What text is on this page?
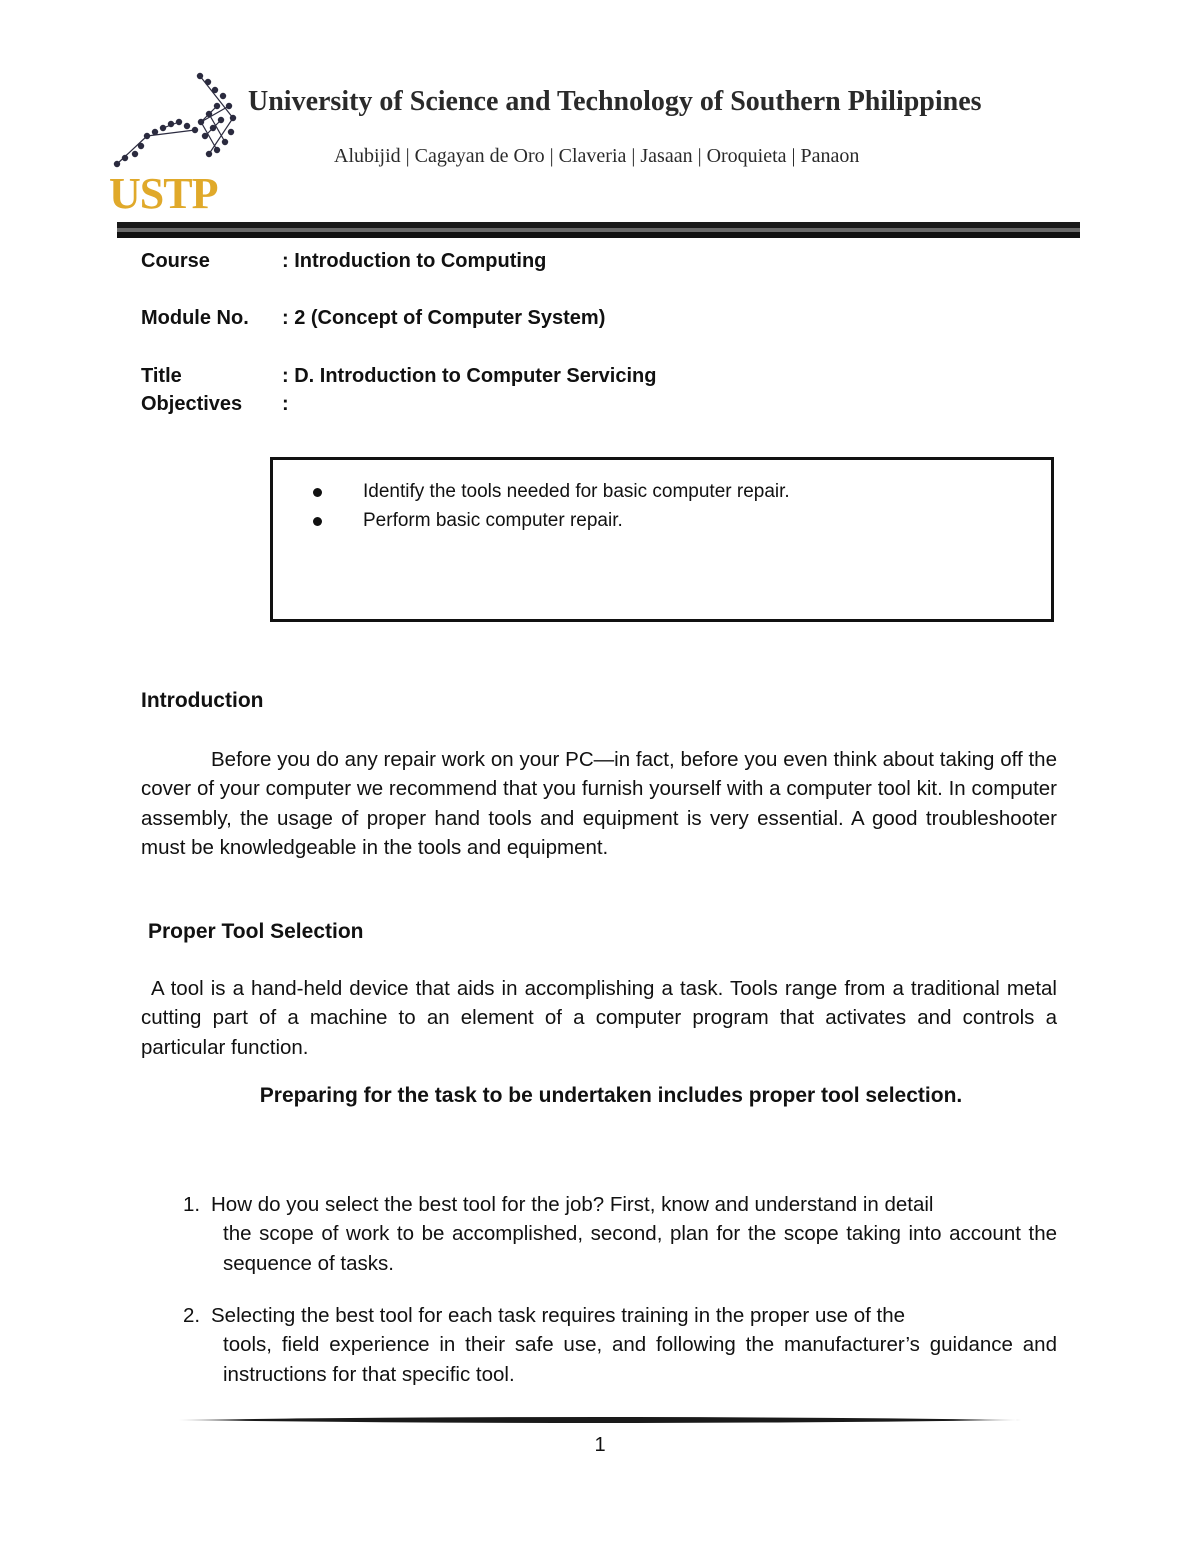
USTP
University of Science and Technology of Southern Philippines
Alubijid | Cagayan de Oro | Claveria | Jasaan | Oroquieta | Panaon
Course	: Introduction to Computing
Module No. : 2 (Concept of Computer System)
Title	: D. Introduction to Computer Servicing
Objectives :
Identify the tools needed for basic computer repair.
Perform basic computer repair.
Introduction
Before you do any repair work on your PC—in fact, before you even think about taking off the cover of your computer we recommend that you furnish yourself with a computer tool kit. In computer assembly, the usage of proper hand tools and equipment is very essential. A good troubleshooter must be knowledgeable in the tools and equipment.
Proper Tool Selection
A tool is a hand-held device that aids in accomplishing a task. Tools range from a traditional metal cutting part of a machine to an element of a computer program that activates and controls a particular function.
Preparing for the task to be undertaken includes proper tool selection.
1. How do you select the best tool for the job? First, know and understand in detail
the scope of work to be accomplished, second, plan for the scope taking into account the sequence of tasks.
2. Selecting the best tool for each task requires training in the proper use of the
tools, field experience in their safe use, and following the manufacturer’s guidance and instructions for that specific tool.
1
